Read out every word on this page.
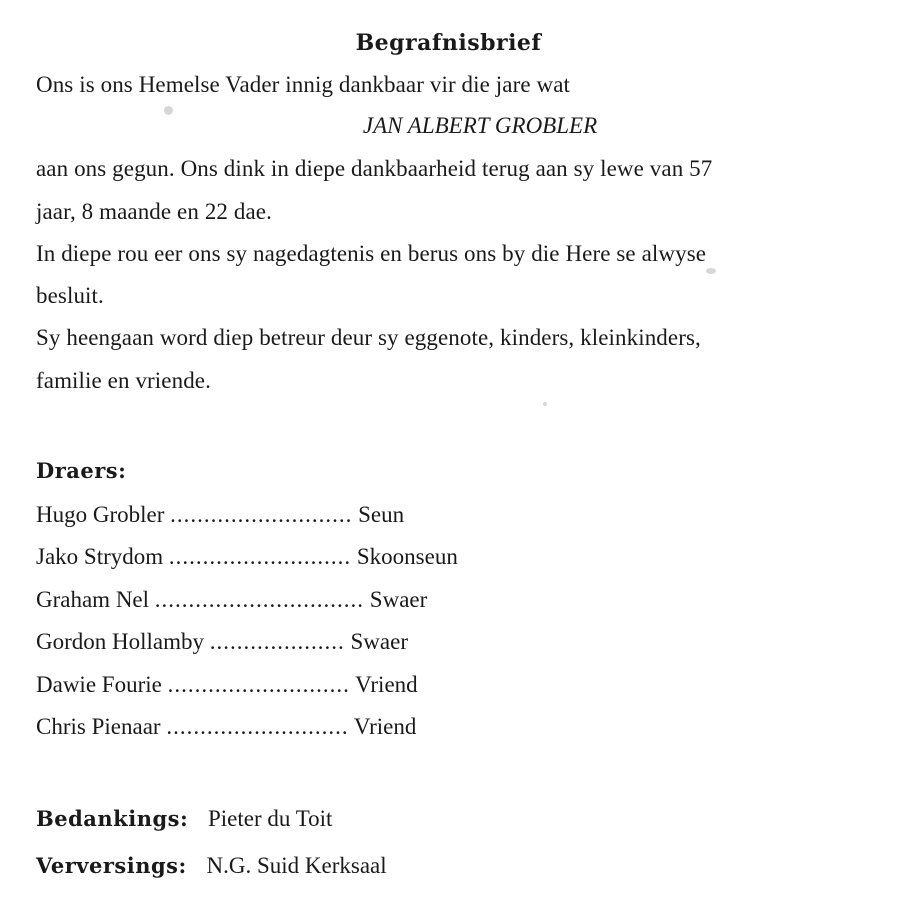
Begrafnisbrief
Ons is ons Hemelse Vader innig dankbaar vir die jare wat
JAN ALBERT GROBLER
aan ons gegun. Ons dink in diepe dankbaarheid terug aan sy lewe van 57
jaar, 8 maande en 22 dae.
In diepe rou eer ons sy nagedagtenis en berus ons by die Here se alwyse
besluit.
Sy heengaan word diep betreur deur sy eggenote, kinders, kleinkinders,
familie en vriende.
Draers:
Hugo Grobler ........................... Seun
Jako Strydom ........................... Skoonseun
Graham Nel ............................... Swaer
Gordon Hollamby .................... Swaer
Dawie Fourie ........................... Vriend
Chris Pienaar ........................... Vriend
Bedankings: Pieter du Toit
Verversings: N.G. Suid Kerksaal
